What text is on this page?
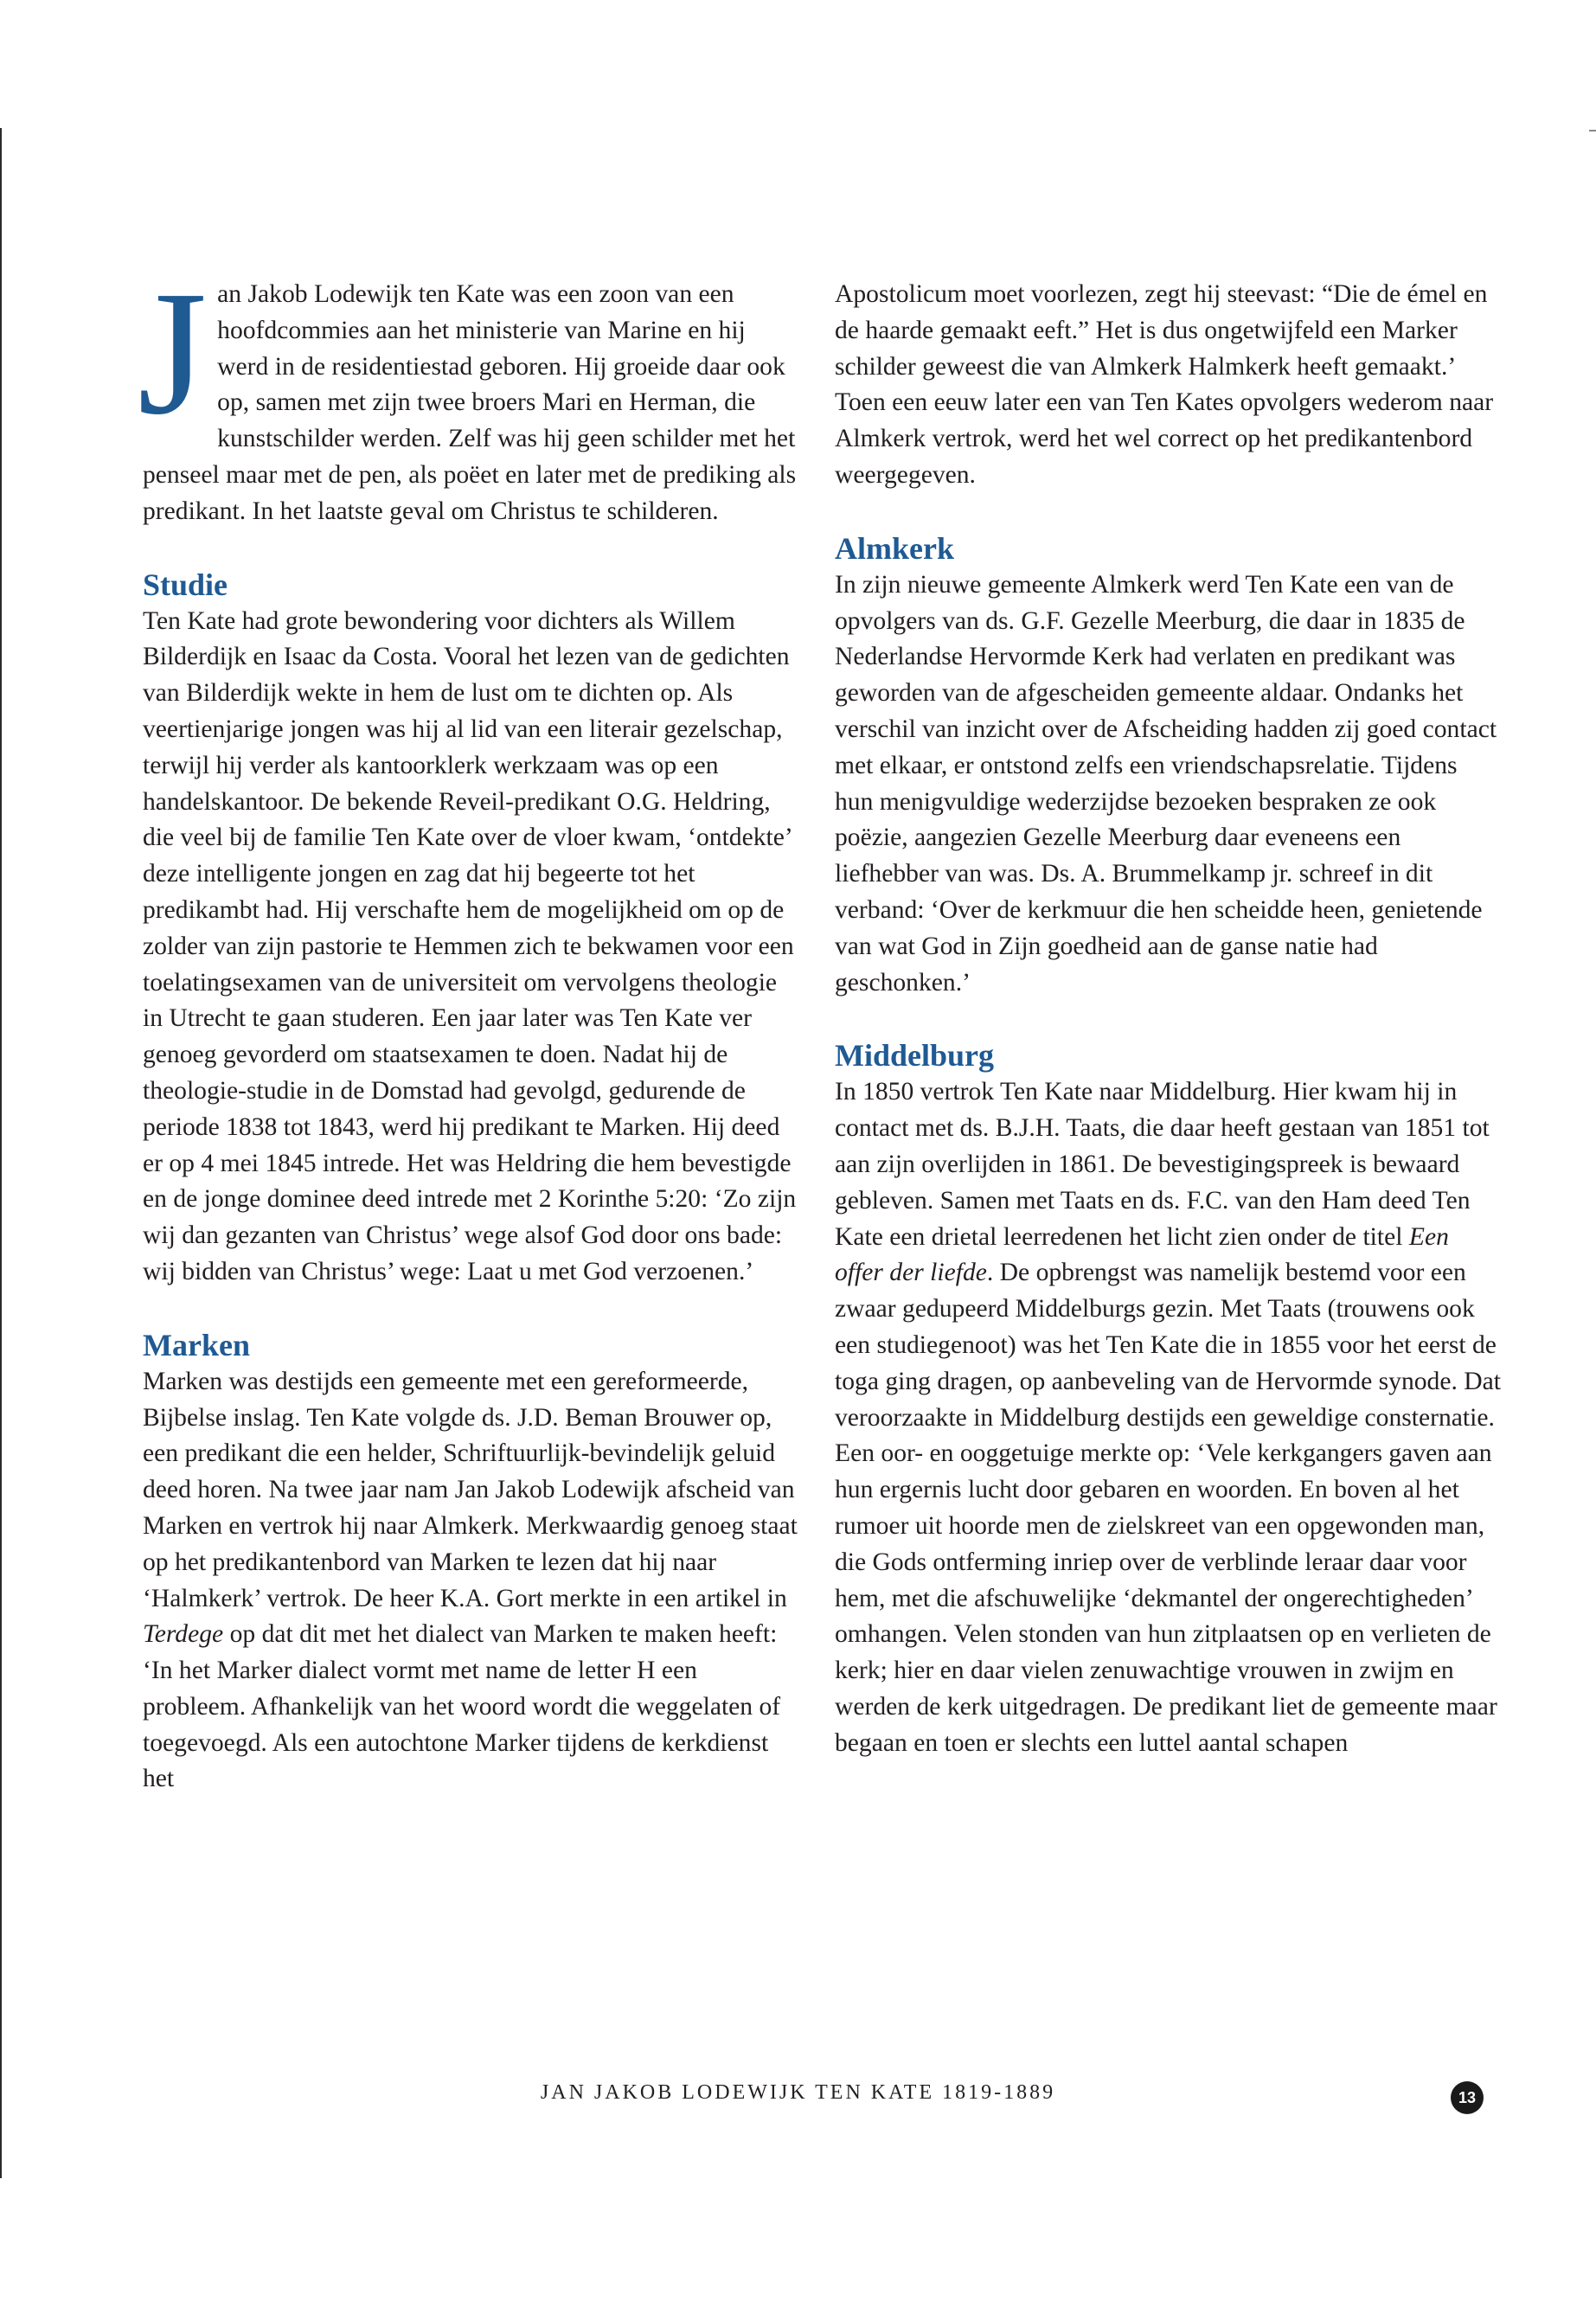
Jan Jakob Lodewijk ten Kate was een zoon van een hoofdcommies aan het ministerie van Marine en hij werd in de residentiestad geboren. Hij groeide daar ook op, samen met zijn twee broers Mari en Herman, die kunstschilder werden. Zelf was hij geen schilder met het penseel maar met de pen, als poëet en later met de prediking als predikant. In het laatste geval om Christus te schilderen.

Studie

Ten Kate had grote bewondering voor dichters als Willem Bilderdijk en Isaac da Costa. Vooral het lezen van de gedichten van Bilderdijk wekte in hem de lust om te dichten op. Als veertienjarige jongen was hij al lid van een literair gezelschap, terwijl hij verder als kantoorklerk werkzaam was op een handelskantoor. De bekende Reveil-predikant O.G. Heldring, die veel bij de familie Ten Kate over de vloer kwam, ‘ontdekte’ deze intelligente jongen en zag dat hij begeerte tot het predikambt had. Hij verschafte hem de mogelijkheid om op de zolder van zijn pastorie te Hemmen zich te bekwamen voor een toelatingsexamen van de universiteit om vervolgens theologie in Utrecht te gaan studeren. Een jaar later was Ten Kate ver genoeg gevorderd om staatsexamen te doen. Nadat hij de theologie-studie in de Domstad had gevolgd, gedurende de periode 1838 tot 1843, werd hij predikant te Marken. Hij deed er op 4 mei 1845 intrede. Het was Heldring die hem bevestigde en de jonge dominee deed intrede met 2 Korinthe 5:20: ‘Zo zijn wij dan gezanten van Christus’ wege alsof God door ons bade: wij bidden van Christus’ wege: Laat u met God verzoenen.’

Marken

Marken was destijds een gemeente met een gereformeerde, Bijbelse inslag. Ten Kate volgde ds. J.D. Beman Brouwer op, een predikant die een helder, Schriftuurlijk-bevindelijk geluid deed horen. Na twee jaar nam Jan Jakob Lodewijk afscheid van Marken en vertrok hij naar Almkerk. Merkwaardig genoeg staat op het predikantenbord van Marken te lezen dat hij naar ‘Halmkerk’ vertrok. De heer K.A. Gort merkte in een artikel in Terdege op dat dit met het dialect van Marken te maken heeft: ‘In het Marker dialect vormt met name de letter H een probleem. Afhankelijk van het woord wordt die weggelaten of toegevoegd. Als een autochtone Marker tijdens de kerkdienst het

Apostolicum moet voorlezen, zegt hij steevast: “Die de émel en de haarde gemaakt eeft.” Het is dus ongetwijfeld een Marker schilder geweest die van Almkerk Halmkerk heeft gemaakt.’

Toen een eeuw later een van Ten Kates opvolgers wederom naar Almkerk vertrok, werd het wel correct op het predikantenbord weergegeven.

Almkerk

In zijn nieuwe gemeente Almkerk werd Ten Kate een van de opvolgers van ds. G.F. Gezelle Meerburg, die daar in 1835 de Nederlandse Hervormde Kerk had verlaten en predikant was geworden van de afgescheiden gemeente aldaar. Ondanks het verschil van inzicht over de Afscheiding hadden zij goed contact met elkaar, er ontstond zelfs een vriendschapsrelatie. Tijdens hun menigvuldige wederzijdse bezoeken bespraken ze ook poëzie, aangezien Gezelle Meerburg daar eveneens een liefhebber van was. Ds. A. Brummelkamp jr. schreef in dit verband: ‘Over de kerkmuur die hen scheidde heen, genietende van wat God in Zijn goedheid aan de ganse natie had geschonken.’

Middelburg

In 1850 vertrok Ten Kate naar Middelburg. Hier kwam hij in contact met ds. B.J.H. Taats, die daar heeft gestaan van 1851 tot aan zijn overlijden in 1861. De bevestigingspreek is bewaard gebleven. Samen met Taats en ds. F.C. van den Ham deed Ten Kate een drietal leerredenen het licht zien onder de titel Een offer der liefde. De opbrengst was namelijk bestemd voor een zwaar gedupeerd Middelburgs gezin. Met Taats (trouwens ook een studiegenoot) was het Ten Kate die in 1855 voor het eerst de toga ging dragen, op aanbeveling van de Hervormde synode. Dat veroorzaakte in Middelburg destijds een geweldige consternatie. Een oor- en ooggetuige merkte op: ‘Vele kerkgangers gaven aan hun ergernis lucht door gebaren en woorden. En boven al het rumoer uit hoorde men de zielskreet van een opgewonden man, die Gods ontferming inriep over de verblinde leraar daar voor hem, met die afschuwelijke ‘dekmantel der ongerechtigheden’ omhangen. Velen stonden van hun zitplaatsen op en verlieten de kerk; hier en daar vielen zenuwachtige vrouwen in zwijm en werden de kerk uitgedragen. De predikant liet de gemeente maar begaan en toen er slechts een luttel aantal schapen

JAN JAKOB LODEWIJK TEN KATE 1819-1889	13
